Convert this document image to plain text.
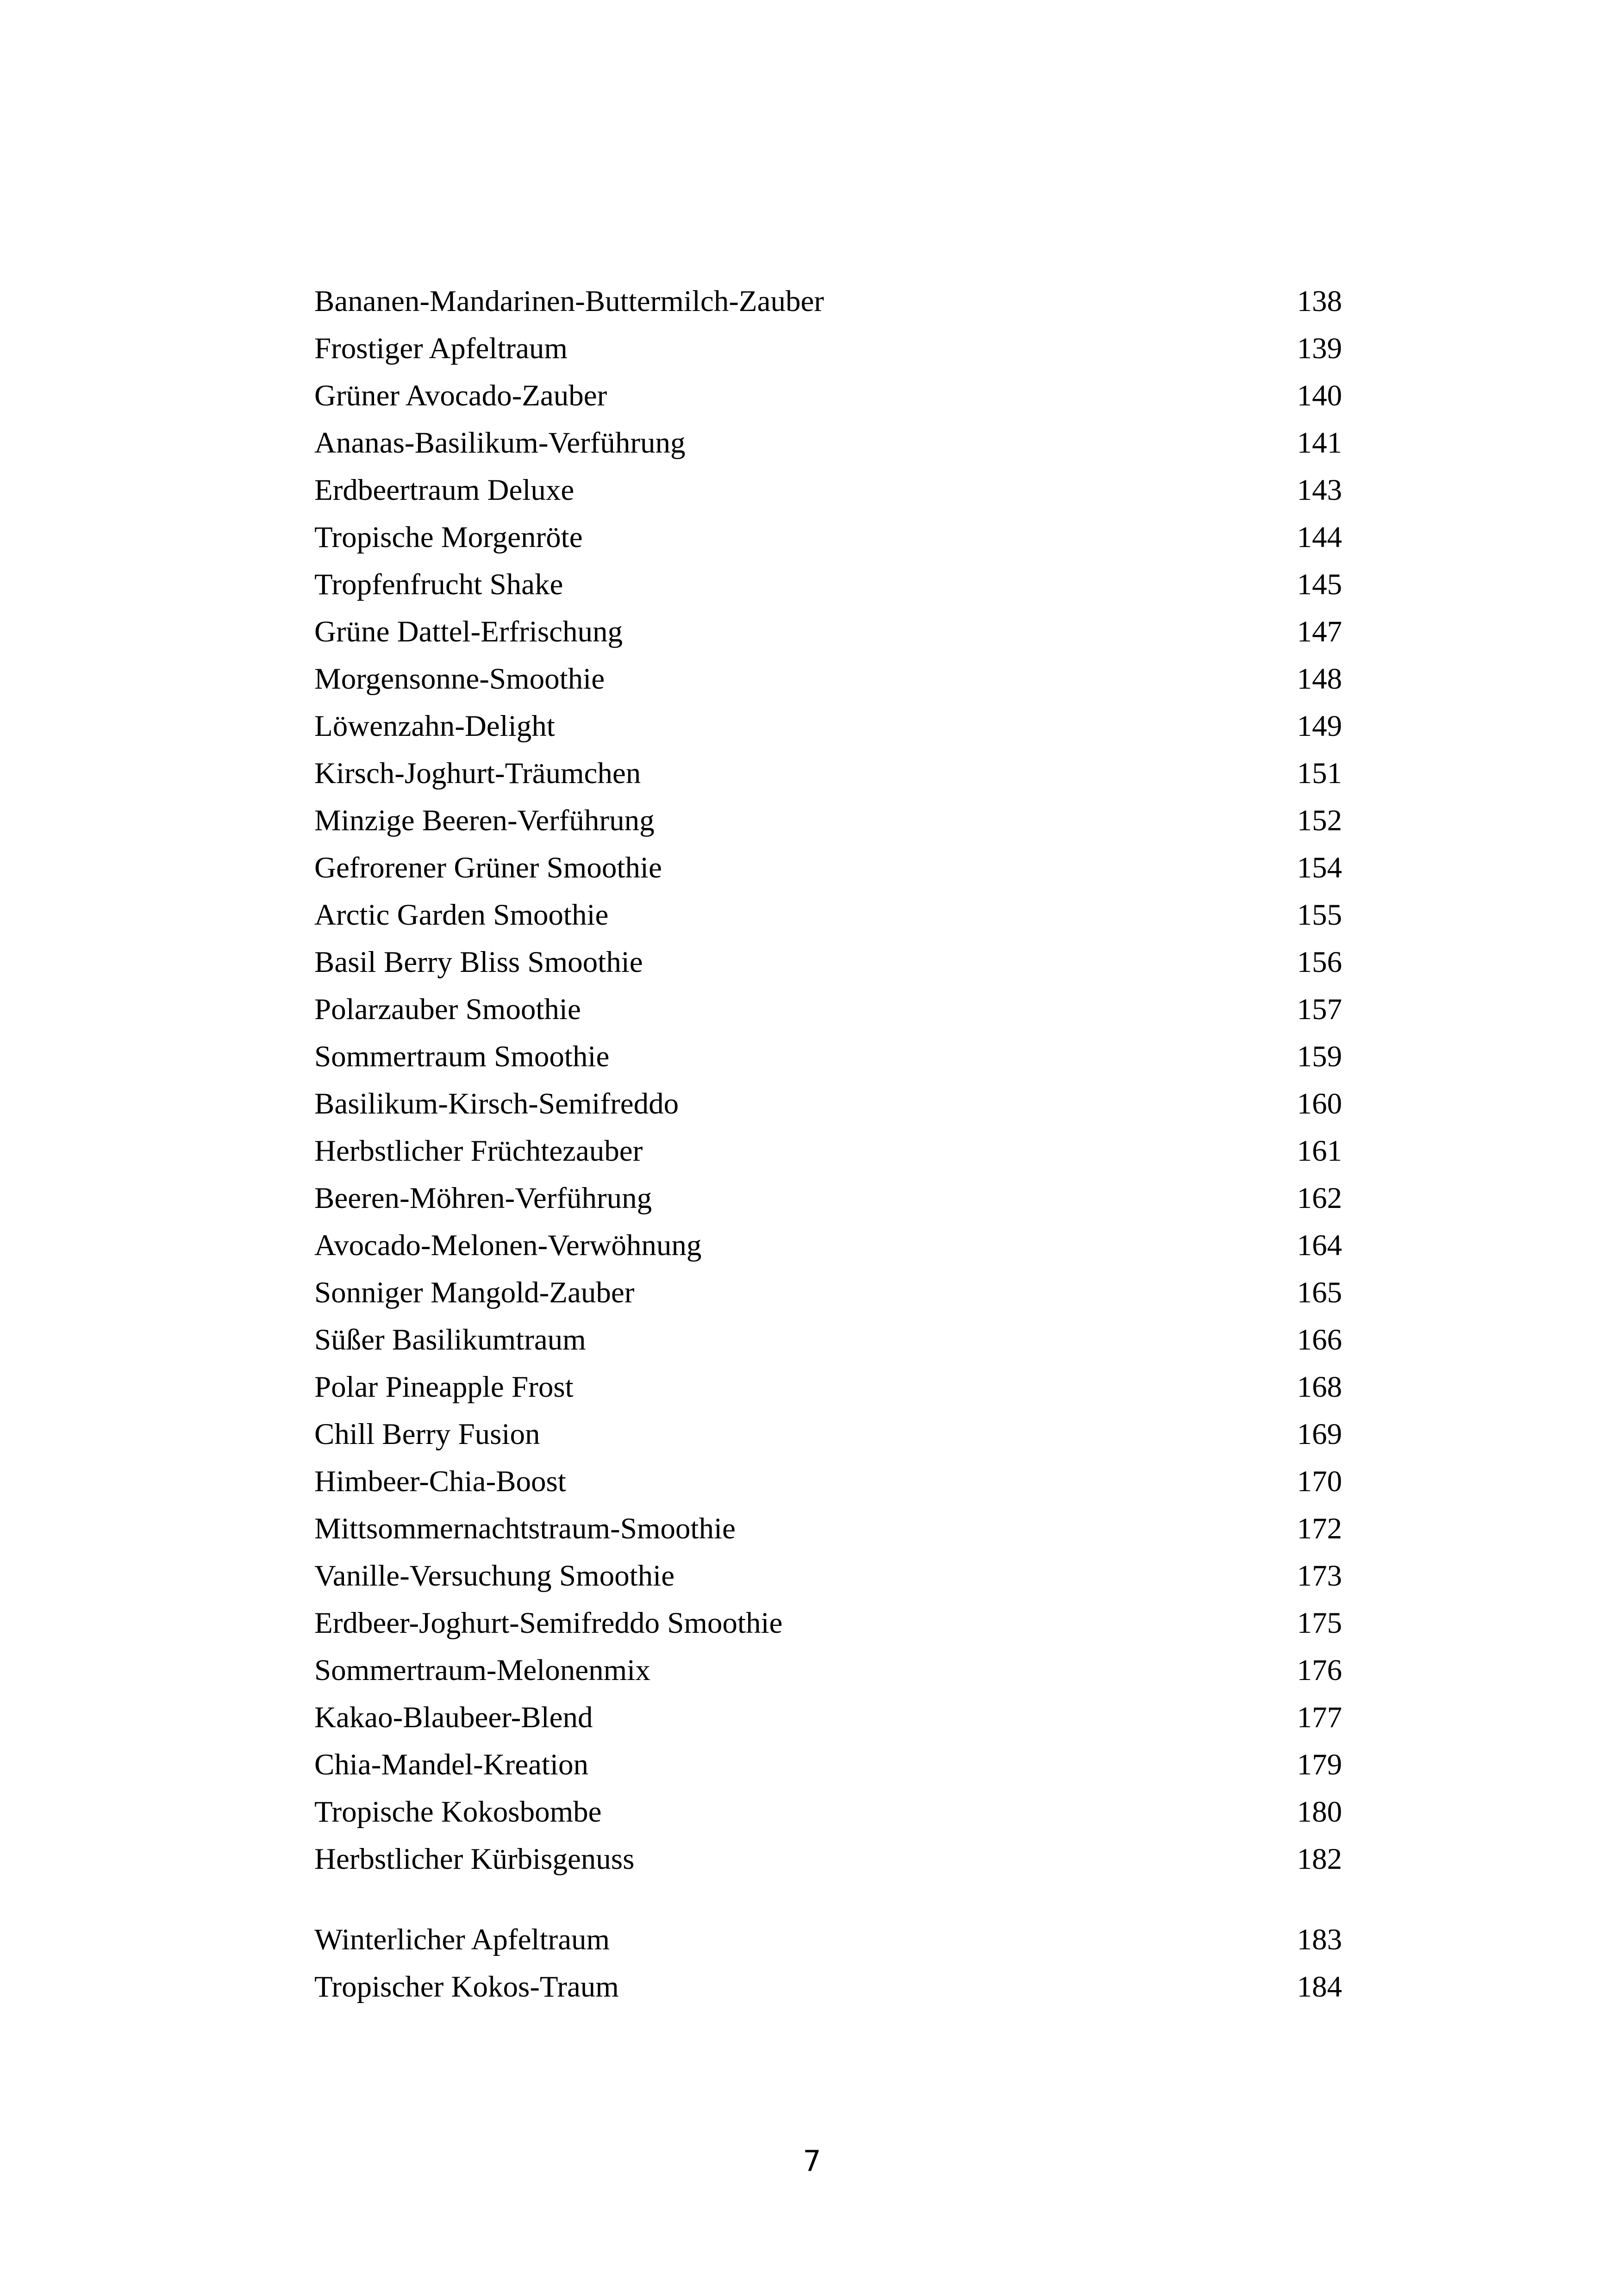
Bananen-Mandarinen-Buttermilch-Zauber	138
Frostiger Apfeltraum	139
Grüner Avocado-Zauber	140
Ananas-Basilikum-Verführung	141
Erdbeertraum Deluxe	143
Tropische Morgenröte	144
Tropfenfrucht Shake	145
Grüne Dattel-Erfrischung	147
Morgensonne-Smoothie	148
Löwenzahn-Delight	149
Kirsch-Joghurt-Träumchen	151
Minzige Beeren-Verführung	152
Gefrorener Grüner Smoothie	154
Arctic Garden Smoothie	155
Basil Berry Bliss Smoothie	156
Polarzauber Smoothie	157
Sommertraum Smoothie	159
Basilikum-Kirsch-Semifreddo	160
Herbstlicher Früchtezauber	161
Beeren-Möhren-Verführung	162
Avocado-Melonen-Verwöhnung	164
Sonniger Mangold-Zauber	165
Süßer Basilikumtraum	166
Polar Pineapple Frost	168
Chill Berry Fusion	169
Himbeer-Chia-Boost	170
Mittsommernachtstraum-Smoothie	172
Vanille-Versuchung Smoothie	173
Erdbeer-Joghurt-Semifreddo Smoothie	175
Sommertraum-Melonenmix	176
Kakao-Blaubeer-Blend	177
Chia-Mandel-Kreation	179
Tropische Kokosbombe	180
Herbstlicher Kürbisgenuss	182
Winterlicher Apfeltraum	183
Tropischer Kokos-Traum	184
7
